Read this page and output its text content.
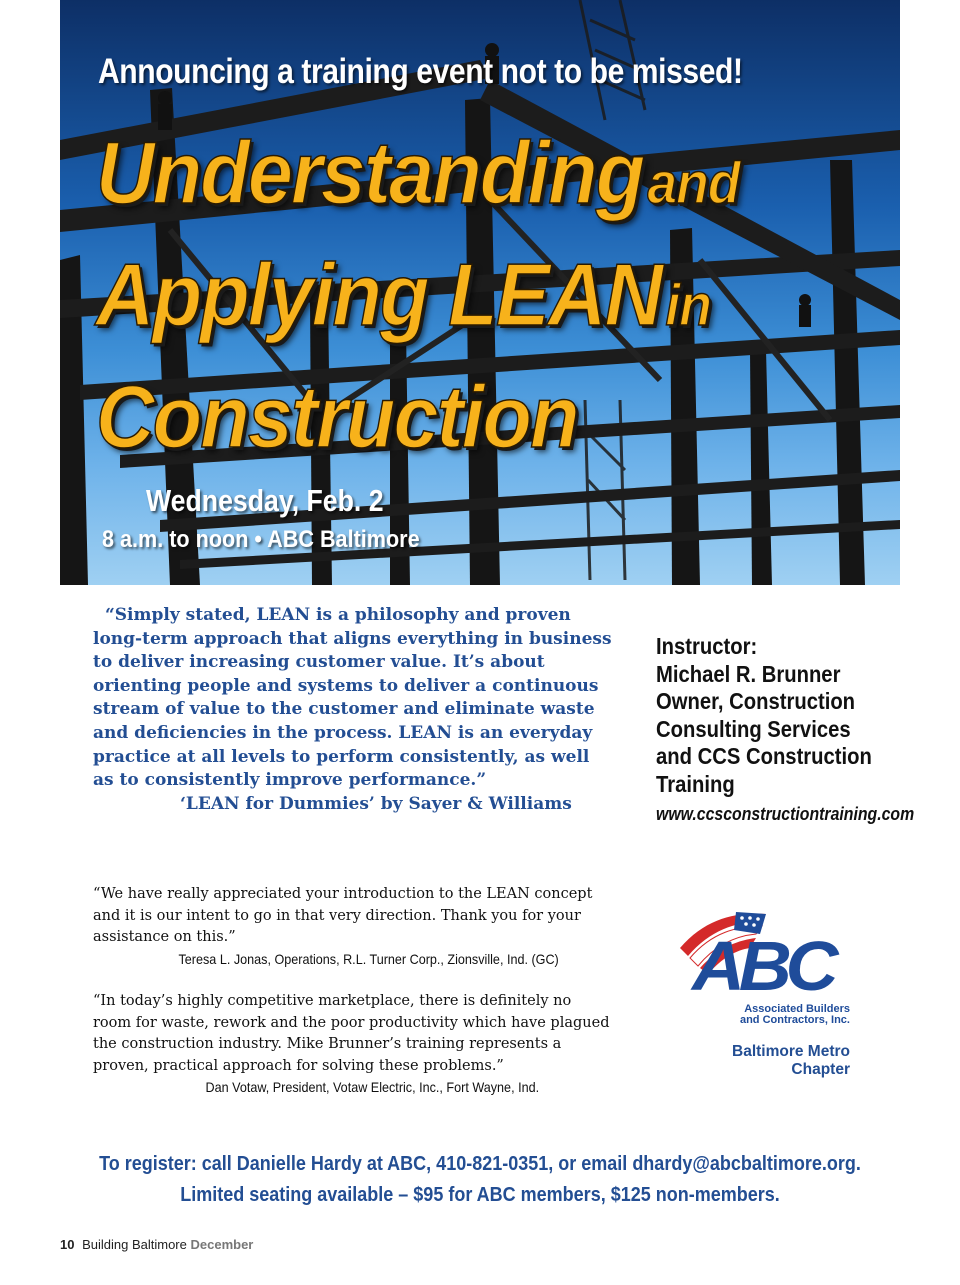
Announcing a training event not to be missed!
Understanding and
Applying LEAN in
Construction
Wednesday, Feb. 2
8 a.m. to noon • ABC Baltimore
“Simply stated, LEAN is a philosophy and proven long-term approach that aligns everything in business to deliver increasing customer value. It’s about orienting people and systems to deliver a continuous stream of value to the customer and eliminate waste and deficiencies in the process. LEAN is an everyday practice at all levels to perform consistently, as well as to consistently improve performance.”
‘LEAN for Dummies’ by Sayer & Williams
Instructor:
Michael R. Brunner
Owner, Construction
Consulting Services
and CCS Construction
Training
www.ccsconstructiontraining.com
“We have really appreciated your introduction to the LEAN concept and it is our intent to go in that very direction. Thank you for your assistance on this.”
Teresa L. Jonas, Operations, R.L. Turner Corp., Zionsville, Ind. (GC)
“In today’s highly competitive marketplace, there is definitely no room for waste, rework and the poor productivity which have plagued the construction industry. Mike Brunner’s training represents a proven, practical approach for solving these problems.”
Dan Votaw, President, Votaw Electric, Inc., Fort Wayne, Ind.
ABC
Associated Builders
and Contractors, Inc.
Baltimore Metro
Chapter
To register: call Danielle Hardy at ABC, 410-821-0351, or email dhardy@abcbaltimore.org.
Limited seating available – $95 for ABC members, $125 non-members.
10 Building Baltimore December
